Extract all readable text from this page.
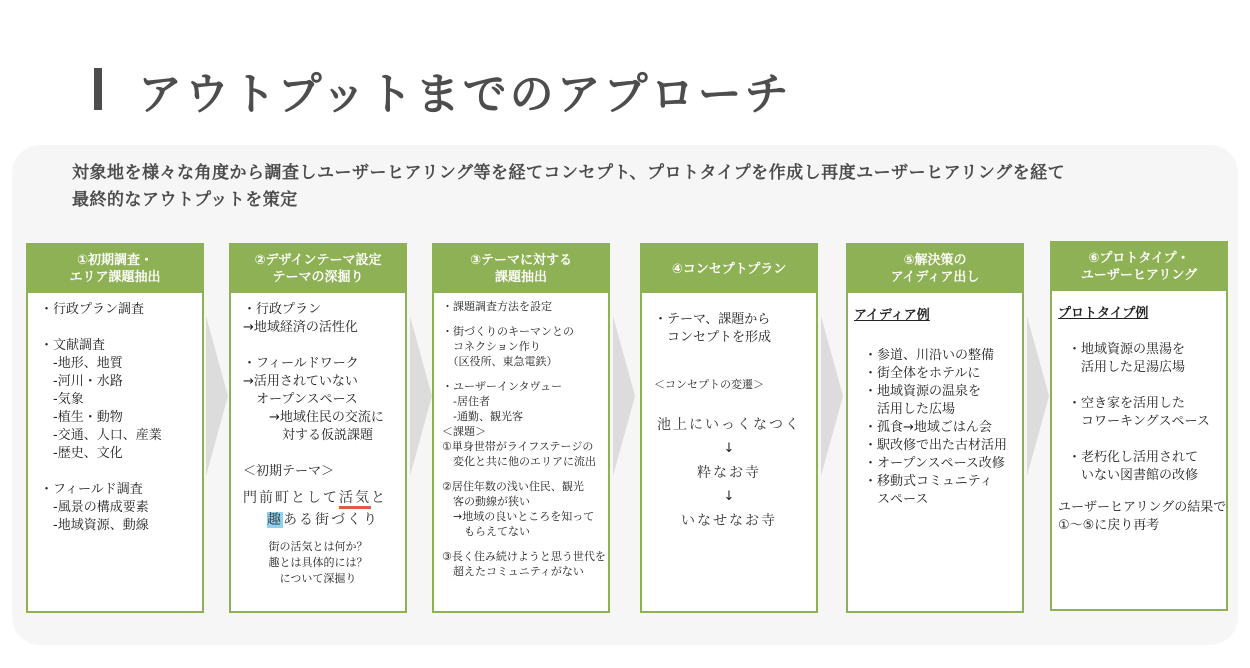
アウトプットまでのアプローチ
対象地を様々な角度から調査しユーザーヒアリング等を経てコンセプト、プロトタイプを作成し再度ユーザーヒアリングを経て
最終的なアウトプットを策定
①初期調査・
エリア課題抽出
・行政プラン調査
・文献調査
　-地形、地質
　-河川・水路
　-気象
　-植生・動物
　-交通、人口、産業
　-歴史、文化
・フィールド調査
　-風景の構成要素
　-地域資源、動線
②デザインテーマ設定
テーマの深掘り
・行政プラン
→地域経済の活性化
・フィールドワーク
→活用されていない
　オープンスペース
　　→地域住民の交流に
　　　対する仮説課題
＜初期テーマ＞
門前町として活気と
趣ある街づくり
街の活気とは何か？
趣とは具体的には？
について深掘り
③テーマに対する
課題抽出
・課題調査方法を設定
・街づくりのキーマンとの
　コネクション作り
　（区役所、東急電鉄）
・ユーザーインタヴュー
　-居住者
　-通勤、観光客
＜課題＞
①単身世帯がライフステージの
　変化と共に他のエリアに流出
②居住年数の浅い住民、観光
　客の動線が狭い
　→地域の良いところを知って
　　もらえてない
③長く住み続けようと思う世代を
　超えたコミュニティがない
④コンセプトプラン
・テーマ、課題から
　コンセプトを形成
＜コンセプトの変遷＞
池上にいっくなつく
↓
粋なお寺
↓
いなせなお寺
⑤解決策の
アイディア出し
アイディア例
・参道、川沿いの整備
・街全体をホテルに
・地域資源の温泉を
　活用した広場
・孤食→地域ごはん会
・駅改修で出た古材活用
・オープンスペース改修
・移動式コミュニティ
　スペース
⑥プロトタイプ・
ユーザーヒアリング
プロトタイプ例
・地域資源の黒湯を
　活用した足湯広場
・空き家を活用した
　コワーキングスペース
・老朽化し活用されて
　いない図書館の改修
ユーザーヒアリングの結果で
①～⑤に戻り再考
